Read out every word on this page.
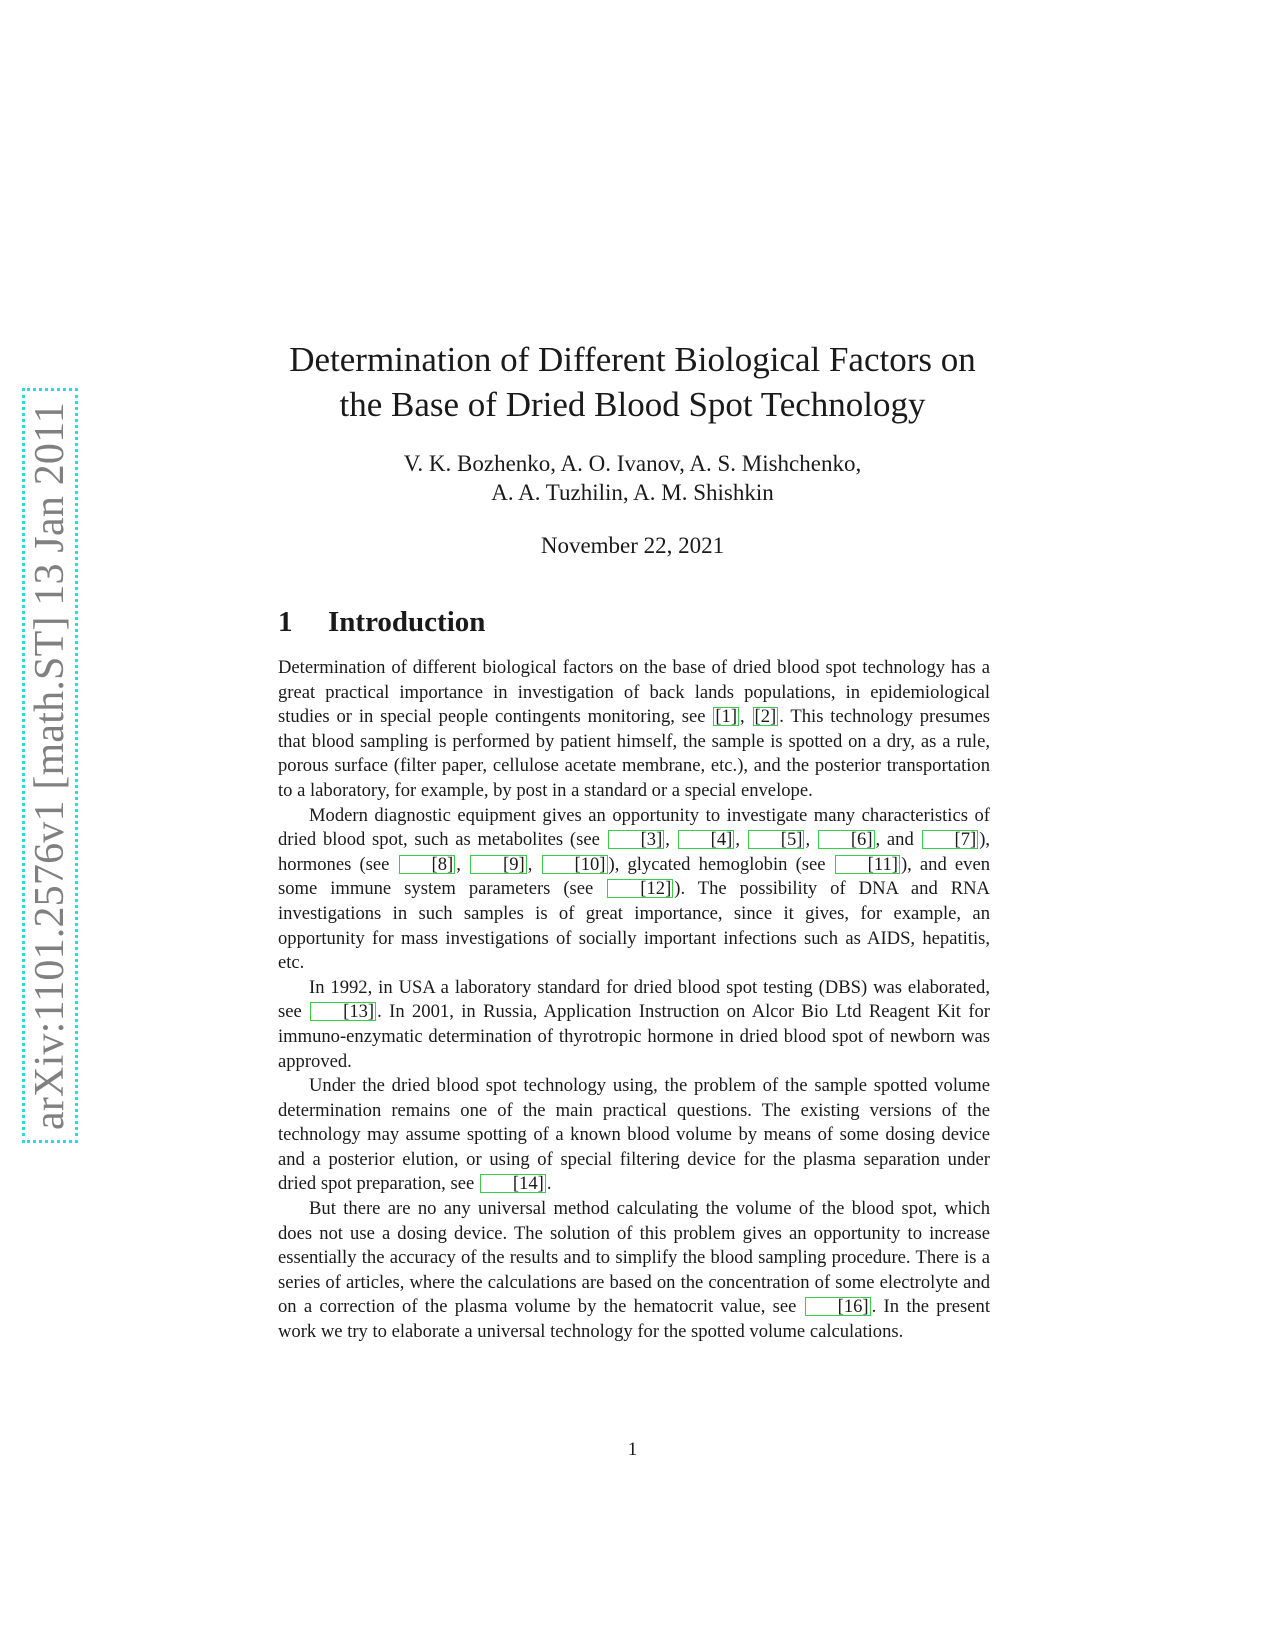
arXiv:1101.2576v1 [math.ST] 13 Jan 2011
Determination of Different Biological Factors on
the Base of Dried Blood Spot Technology
V. K. Bozhenko, A. O. Ivanov, A. S. Mishchenko,
A. A. Tuzhilin, A. M. Shishkin
November 22, 2021
1 Introduction

Determination of different biological factors on the base of dried blood spot technology has a great practical importance in investigation of back lands populations, in epidemiological studies or in special people contingents monitoring, see [1] , [2] . This technology presumes that blood sampling is performed by patient himself, the sample is spotted on a dry, as a rule, porous surface (filter paper, cellulose acetate membrane, etc.), and the posterior transportation to a laboratory, for example, by post in a standard or a special envelope.

Modern diagnostic equipment gives an opportunity to investigate many characteristics of dried blood spot, such as metabolites (see [3] , [4] , [5] , [6] , and [7] ), hormones (see [8] , [9] , [10] ), glycated hemoglobin (see [11] ), and even some immune system parameters (see [12] ). The possibility of DNA and RNA investigations in such samples is of great importance, since it gives, for example, an opportunity for mass investigations of socially important infections such as AIDS, hepatitis, etc.

In 1992, in USA a laboratory standard for dried blood spot testing (DBS) was elaborated, see [13] . In 2001, in Russia, Application Instruction on Alcor Bio Ltd Reagent Kit for immuno-enzymatic determination of thyrotropic hormone in dried blood spot of newborn was approved.

Under the dried blood spot technology using, the problem of the sample spotted volume determination remains one of the main practical questions. The existing versions of the technology may assume spotting of a known blood volume by means of some dosing device and a posterior elution, or using of special filtering device for the plasma separation under dried spot preparation, see [14] .

But there are no any universal method calculating the volume of the blood spot, which does not use a dosing device. The solution of this problem gives an opportunity to increase essentially the accuracy of the results and to simplify the blood sampling procedure. There is a series of articles, where the calculations are based on the concentration of some electrolyte and on a correction of the plasma volume by the hematocrit value, see [16] . In the present work we try to elaborate a universal technology for the spotted volume calculations.

1
